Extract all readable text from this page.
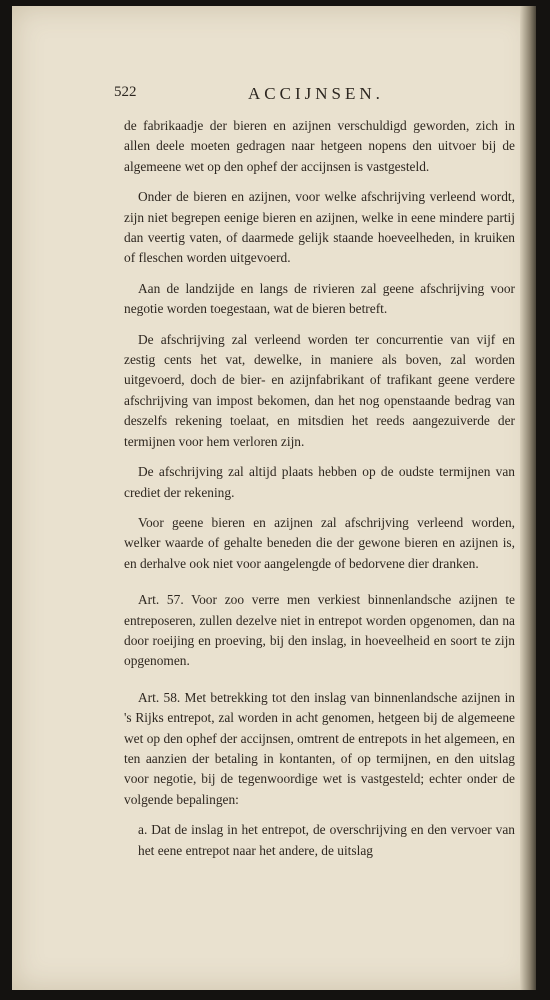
522	ACCIJNSEN.

de fabrikaadje der bieren en azijnen verschuldigd geworden, zich in allen deele moeten gedragen naar hetgeen nopens den uitvoer bij de algemeene wet op den ophef der accijnsen is vastgesteld.

Onder de bieren en azijnen, voor welke afschrijving verleend wordt, zijn niet begrepen eenige bieren en azijnen, welke in eene mindere partij dan veertig vaten, of daarmede gelijk staande hoeveelheden, in kruiken of fleschen worden uitgevoerd.

Aan de landzijde en langs de rivieren zal geene afschrijving voor negotie worden toegestaan, wat de bieren betreft.

De afschrijving zal verleend worden ter concurrentie van vijf en zestig cents het vat, dewelke, in maniere als boven, zal worden uitgevoerd, doch de bier- en azijnfabrikant of trafikant geene verdere afschrijving van impost bekomen, dan het nog openstaande bedrag van deszelfs rekening toelaat, en mitsdien het reeds aangezuiverde der termijnen voor hem verloren zijn.

De afschrijving zal altijd plaats hebben op de oudste termijnen van crediet der rekening.

Voor geene bieren en azijnen zal afschrijving verleend worden, welker waarde of gehalte beneden die der gewone bieren en azijnen is, en derhalve ook niet voor aangelengde of bedorvene dier dranken.

Art. 57. Voor zoo verre men verkiest binnenlandsche azijnen te entreposeren, zullen dezelve niet in entrepot worden opgenomen, dan na door roeijing en proeving, bij den inslag, in hoeveelheid en soort te zijn opgenomen.

Art. 58. Met betrekking tot den inslag van binnenlandsche azijnen in 's Rijks entrepot, zal worden in acht genomen, hetgeen bij de algemeene wet op den ophef der accijnsen, omtrent de entrepots in het algemeen, en ten aanzien der betaling in kontanten, of op termijnen, en den uitslag voor negotie, bij de tegenwoordige wet is vastgesteld; echter onder de volgende bepalingen:

a. Dat de inslag in het entrepot, de overschrijving en den vervoer van het eene entrepot naar het andere, de uitslag
